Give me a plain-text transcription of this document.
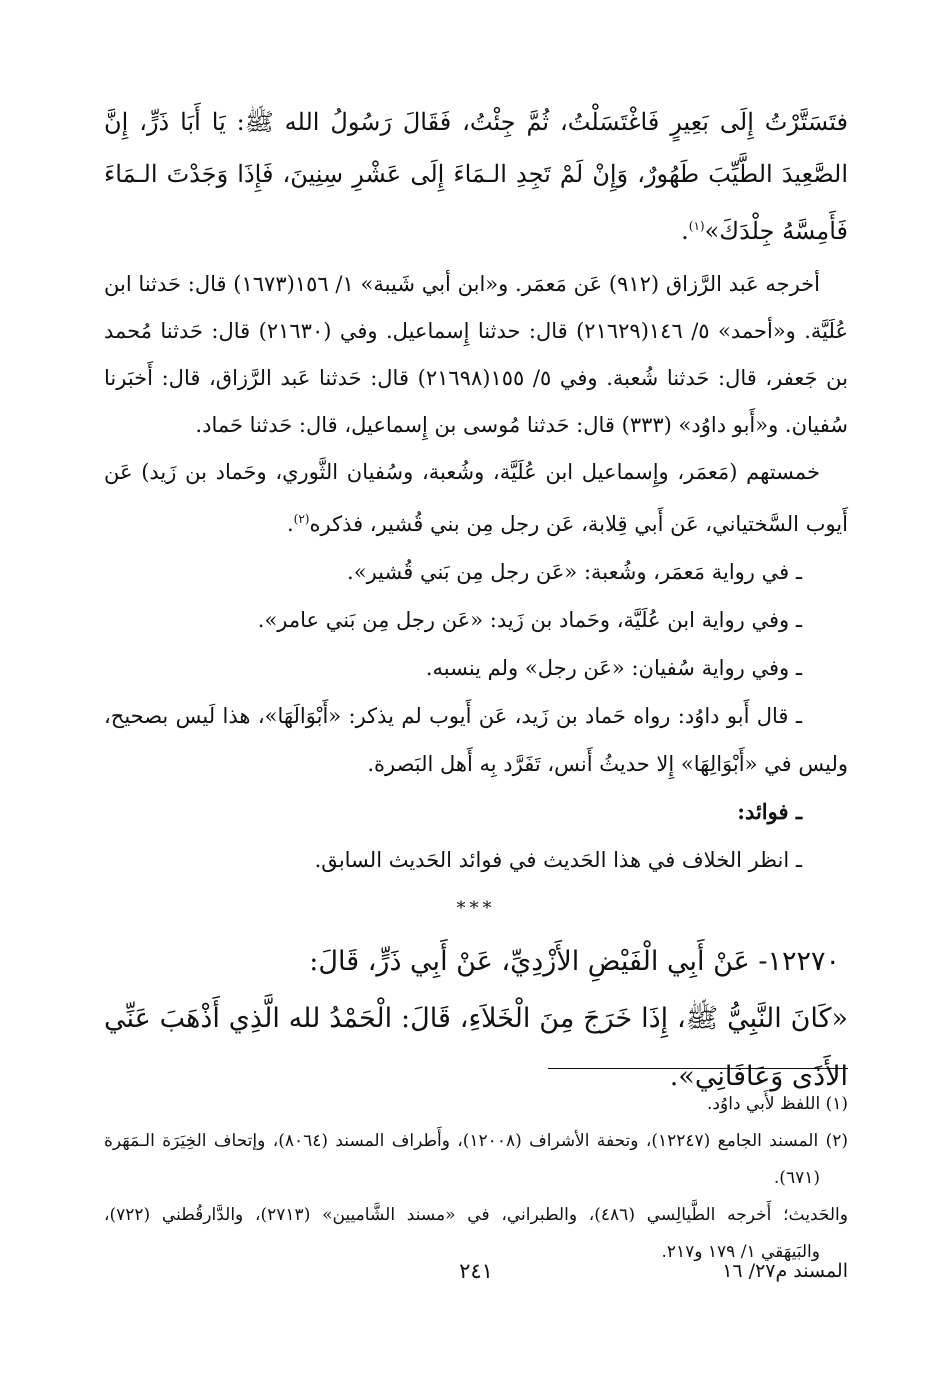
فتَسَتَّرْتُ إِلَى بَعِيرٍ فَاغْتَسَلْتُ، ثُمَّ جِئْتُ، فَقَالَ رَسُولُ الله ﷺ: يَا أَبَا ذَرٍّ، إِنَّ الصَّعِيدَ الطَّيِّبَ طَهُورٌ، وَإِنْ لَمْ تَجِدِ الـمَاءَ إِلَى عَشْرِ سِنِينَ، فَإِذَا وَجَدْتَ الـمَاءَ فَأَمِسَّهُ جِلْدَكَ»$^{(١)}$.

أخرجه عَبد الرَّزاق (٩١٢) عَن مَعمَر. و«ابن أبي شَيبة» ١/ ١٥٦(١٦٧٣) قال: حَدثنا ابن عُلَيَّة. و«أحمد» ٥/ ١٤٦(٢١٦٢٩) قال: حدثنا إِسماعيل. وفي (٢١٦٣٠) قال: حَدثنا مُحمد بن جَعفر، قال: حَدثنا شُعبة. وفي ٥/ ١٥٥(٢١٦٩٨) قال: حَدثنا عَبد الرَّزاق، قال: أَخبَرنا سُفيان. و«أَبو داوُد» (٣٣٣) قال: حَدثنا مُوسى بن إِسماعيل، قال: حَدثنا حَماد.

خمستهم (مَعمَر، وإِسماعيل ابن عُلَيَّة، وشُعبة، وسُفيان الثَّوري، وحَماد بن زَيد) عَن أَيوب السَّختياني، عَن أَبي قِلابة، عَن رجل مِن بني قُشير، فذكره$^{(٢)}$.

ـ في رواية مَعمَر، وشُعبة: «عَن رجل مِن بَني قُشير».

ـ وفي رواية ابن عُلَيَّة، وحَماد بن زَيد: «عَن رجل مِن بَني عامر».

ـ وفي رواية سُفيان: «عَن رجل» ولم ينسبه.

ـ قال أَبو داوُد: رواه حَماد بن زَيد، عَن أَيوب لم يذكر: «أَبْوَالَهَا»، هذا لَيس بصحيح، وليس في «أَبْوَالِهَا» إِلا حديثُ أَنس، تَفَرَّد بِه أَهل البَصرة.

ـ فوائد:

ـ انظر الخلاف في هذا الحَديث في فوائد الحَديث السابق.

***

١٢٢٧٠- عَنْ أَبِي الْفَيْضِ الأَزْدِيِّ، عَنْ أَبِي ذَرٍّ، قَالَ:

«كَانَ النَّبِيُّ ﷺ، إِذَا خَرَجَ مِنَ الْخَلاَءِ، قَالَ: الْحَمْدُ لله الَّذِي أَذْهَبَ عَنِّي الأَذَى وَعَافَانِي».

(١) اللفظ لأَبي داوُد.

(٢) المسند الجامع (١٢٢٤٧)، وتحفة الأشراف (١٢٠٠٨)، وأَطراف المسند (٨٠٦٤)، وإتحاف الخِيَرَة الـمَهَرة (٦٧١).

والحَديث؛ أَخرجه الطَّيالِسي (٤٨٦)، والطبراني، في «مسند الشَّاميين» (٢٧١٣)، والدَّارقُطني (٧٢٢)، والبَيهَقي ١/ ١٧٩ و٢١٧.

المسند م٢٧/ ١٦
٢٤١
